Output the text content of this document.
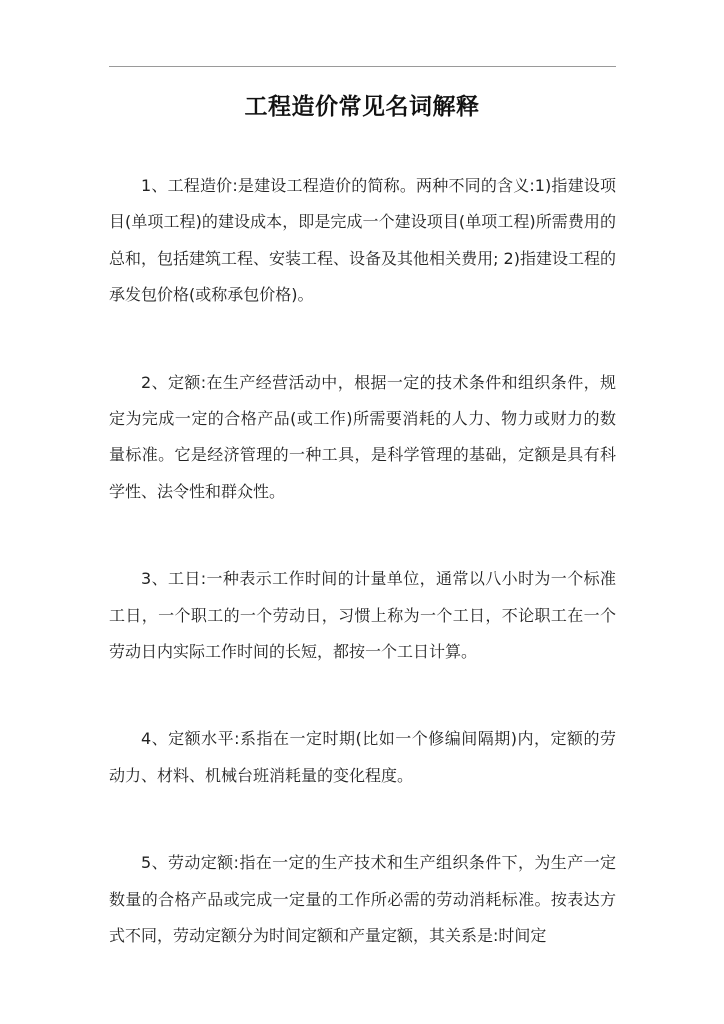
工程造价常见名词解释

1、工程造价:是建设工程造价的简称。两种不同的含义:1)指建设项目(单项工程)的建设成本，即是完成一个建设项目(单项工程)所需费用的总和，包括建筑工程、安装工程、设备及其他相关费用; 2)指建设工程的承发包价格(或称承包价格)。

2、定额:在生产经营活动中，根据一定的技术条件和组织条件，规定为完成一定的合格产品(或工作)所需要消耗的人力、物力或财力的数量标准。它是经济管理的一种工具，是科学管理的基础，定额是具有科学性、法令性和群众性。

3、工日:一种表示工作时间的计量单位，通常以八小时为一个标准工日，一个职工的一个劳动日，习惯上称为一个工日，不论职工在一个劳动日内实际工作时间的长短，都按一个工日计算。

4、定额水平:系指在一定时期(比如一个修编间隔期)内，定额的劳动力、材料、机械台班消耗量的变化程度。

5、劳动定额:指在一定的生产技术和生产组织条件下，为生产一定数量的合格产品或完成一定量的工作所必需的劳动消耗标准。按表达方式不同，劳动定额分为时间定额和产量定额，其关系是:时间定
